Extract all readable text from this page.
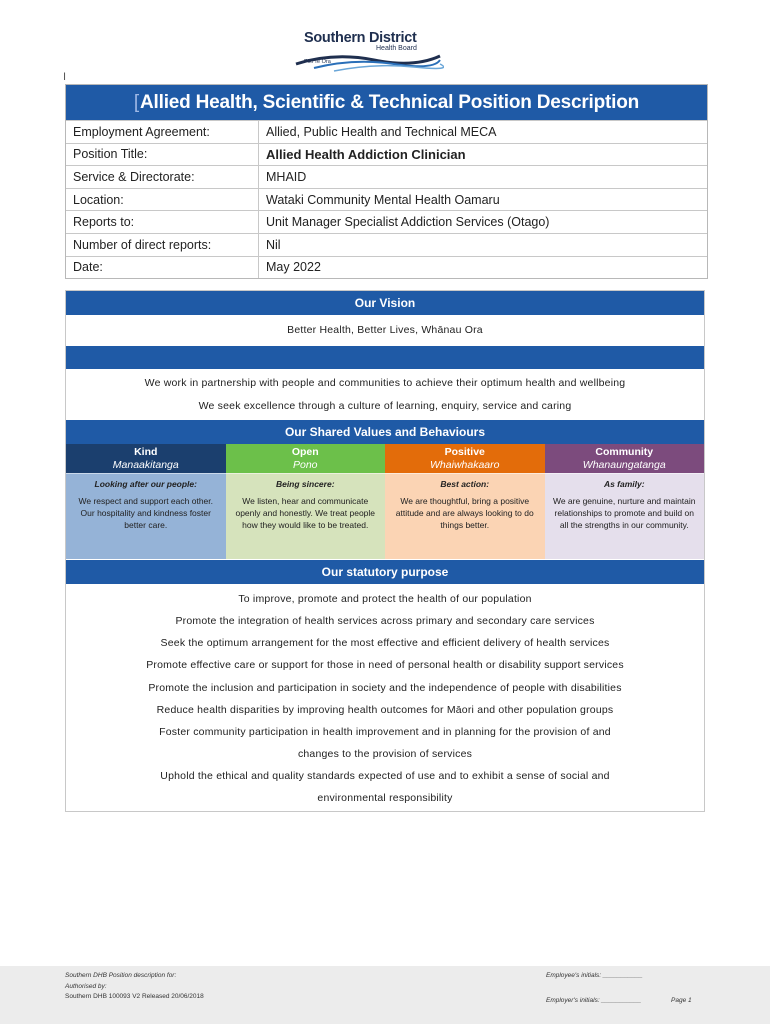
Southern District
Health Board
Piki Te Ora
Ι
[ Allied Health, Scientific & Technical Position Description
Employment Agreement:	Allied, Public Health and Technical MECA
Position Title:	Allied Health Addiction Clinician
Service & Directorate:	MHAID
Location:	Wataki Community Mental Health Oamaru
Reports to:	Unit Manager Specialist Addiction Services (Otago)
Number of direct reports:	Nil
Date:	May 2022
Our Vision
Better Health, Better Lives, Whānau Ora
We work in partnership with people and communities to achieve their optimum health and wellbeing
We seek excellence through a culture of learning, enquiry, service and caring
Our Shared Values and Behaviours
Kind
Manaakitanga
Looking after our people:
We respect and support each other. Our hospitality and kindness foster better care.
Open
Pono
Being sincere:
We listen, hear and communicate openly and honestly. We treat people how they would like to be treated.
Positive
Whaiwhakaaro
Best action:
We are thoughtful, bring a positive attitude and are always looking to do things better.
Community
Whanaungatanga
As family:
We are genuine, nurture and maintain relationships to promote and build on all the strengths in our community.
Our statutory purpose
To improve, promote and protect the health of our population
Promote the integration of health services across primary and secondary care services
Seek the optimum arrangement for the most effective and efficient delivery of health services
Promote effective care or support for those in need of personal health or disability support services
Promote the inclusion and participation in society and the independence of people with disabilities
Reduce health disparities by improving health outcomes for Māori and other population groups
Foster community participation in health improvement and in planning for the provision of and
changes to the provision of services
Uphold the ethical and quality standards expected of use and to exhibit a sense of social and
environmental responsibility
Southern DHB Position description for:
Authorised by:
Southern DHB 100093 V2 Released 20/06/2018
Employee's initials: ___________
Employer's initials: ___________	Page 1
